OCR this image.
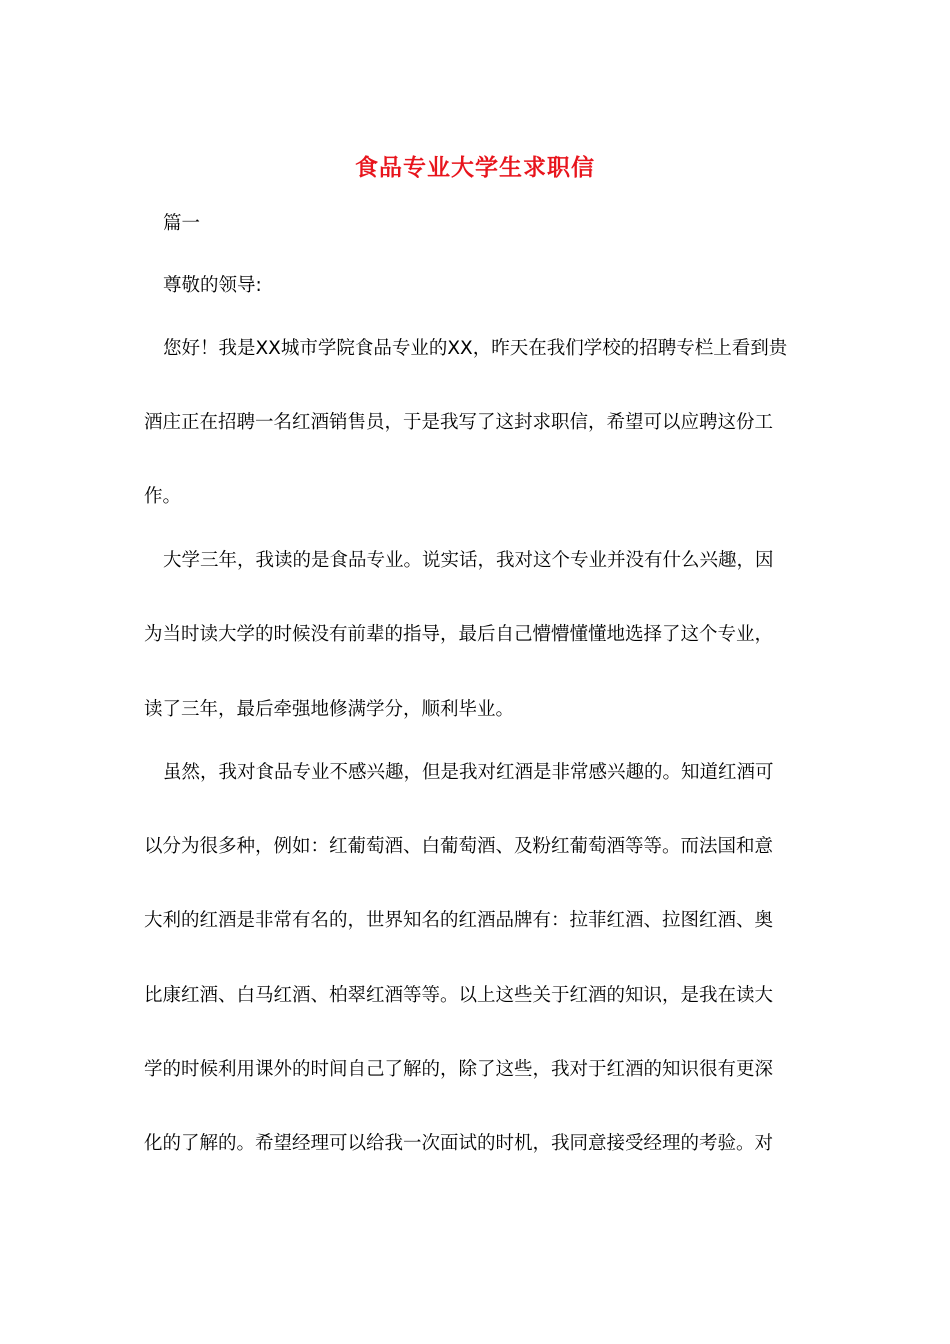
食品专业大学生求职信
篇一
尊敬的领导:
您好！我是XX城市学院食品专业的XX，昨天在我们学校的招聘专栏上看到贵
酒庄正在招聘一名红酒销售员，于是我写了这封求职信，希望可以应聘这份工
作。
大学三年，我读的是食品专业。说实话，我对这个专业并没有什么兴趣，因
为当时读大学的时候没有前辈的指导，最后自己懵懵懂懂地选择了这个专业，
读了三年，最后牵强地修满学分，顺利毕业。
虽然，我对食品专业不感兴趣，但是我对红酒是非常感兴趣的。知道红酒可
以分为很多种，例如：红葡萄酒、白葡萄酒、及粉红葡萄酒等等。而法国和意
大利的红酒是非常有名的，世界知名的红酒品牌有：拉菲红酒、拉图红酒、奥
比康红酒、白马红酒、柏翠红酒等等。以上这些关于红酒的知识，是我在读大
学的时候利用课外的时间自己了解的，除了这些，我对于红酒的知识很有更深
化的了解的。希望经理可以给我一次面试的时机，我同意接受经理的考验。对
